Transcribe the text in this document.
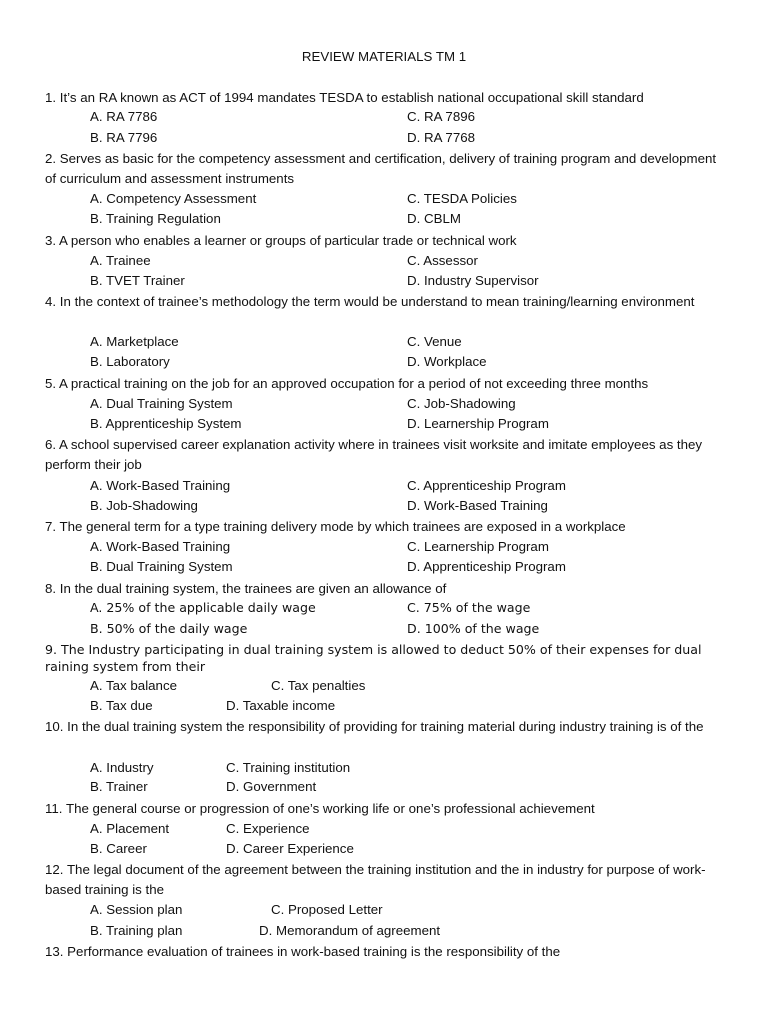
REVIEW MATERIALS TM 1
1. It’s an RA known as ACT of 1994 mandates TESDA to establish national occupational skill standard
A. RA 7786	C. RA 7896
B. RA 7796	D. RA 7768
2. Serves as basic for the competency assessment and certification, delivery of training program and development of curriculum and assessment instruments
A. Competency Assessment	C. TESDA Policies
B. Training Regulation	D. CBLM
3. A person who enables a learner or groups of particular trade or technical work
A. Trainee	C. Assessor
B. TVET Trainer	D. Industry Supervisor
4. In the context of trainee’s methodology the term would be understand to mean training/learning environment
A. Marketplace	C. Venue
B. Laboratory	D. Workplace
5. A practical training on the job for an approved occupation for a period of not exceeding three months
A. Dual Training System	C. Job-Shadowing
B. Apprenticeship System	D. Learnership Program
6. A school supervised career explanation activity where in trainees visit worksite and imitate employees as they perform their job
A. Work-Based Training	C. Apprenticeship Program
B. Job-Shadowing	D. Work-Based Training
7. The general term for a type training delivery mode by which trainees are exposed in a workplace
A. Work-Based Training	C. Learnership Program
B. Dual Training System	D. Apprenticeship Program
8. In the dual training system, the trainees are given an allowance of
A. 25% of the applicable daily wage	C. 75% of the wage
B. 50% of the daily wage	D. 100% of the wage
9. The Industry participating in dual training system is allowed to deduct 50% of their expenses for dual raining system from their
A. Tax balance	C. Tax penalties
B. Tax due	D. Taxable income
10. In the dual training system the responsibility of providing for training material during industry training is of the
A. Industry	C. Training institution
B. Trainer	D. Government
11. The general course or progression of one’s working life or one’s professional achievement
A. Placement	C. Experience
B. Career	D. Career Experience
12. The legal document of the agreement between the training institution and the in industry for purpose of work-based training is the
A. Session plan	C. Proposed Letter
B. Training plan	D. Memorandum of agreement
13. Performance evaluation of trainees in work-based training is the responsibility of the
